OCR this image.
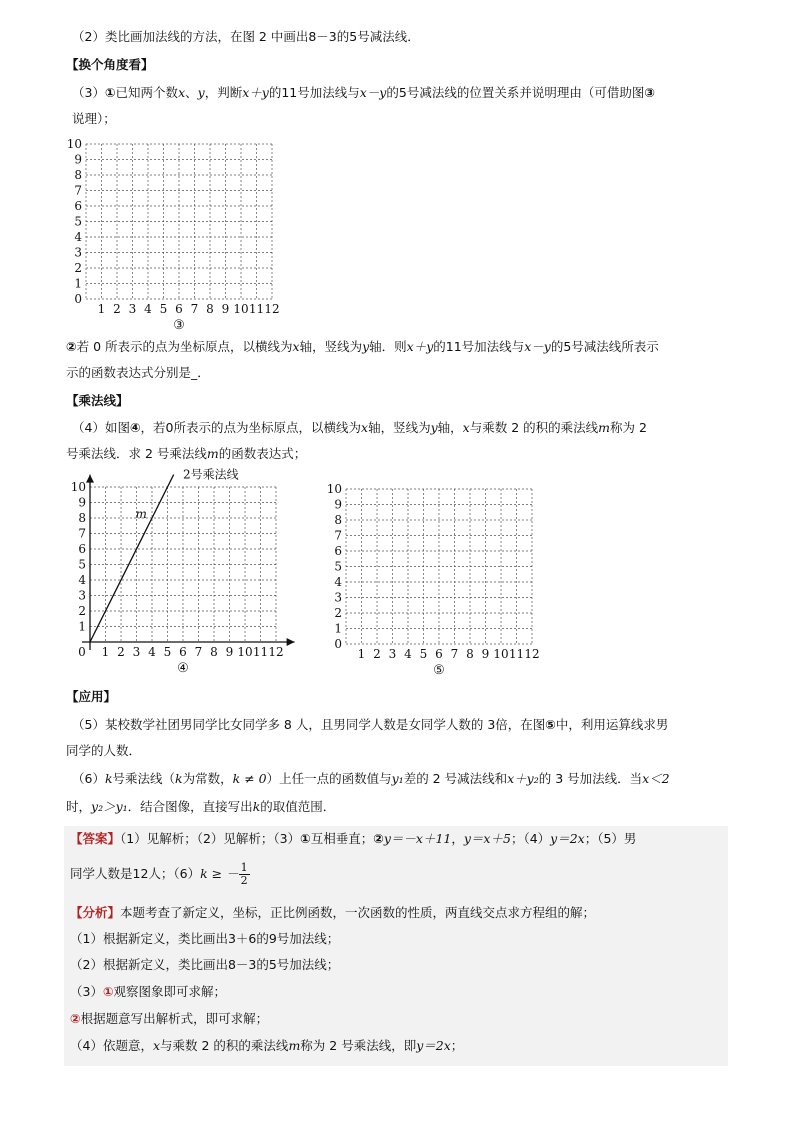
（2）类比画加法线的方法，在图 2 中画出8－3的5号减法线．
【换个角度看】
（3）①已知两个数x、y，判断x＋y的11号加法线与x－y的5号减法线的位置关系并说明理由（可借助图③
说理）；
10
9
8
7
6
5
4
3
2
1
0
1 2 3 4 5 6 7 8 9 10 11 12
③
②若 0 所表示的点为坐标原点，以横线为x轴，竖线为y轴．则x＋y的11号加法线与x－y的5号减法线所表示
示的函数表达式分别是_．
【乘法线】
（4）如图④，若0所表示的点为坐标原点，以横线为x轴，竖线为y轴，x与乘数 2 的积的乘法线m称为 2
号乘法线．求 2 号乘法线m的函数表达式；
10
9
8
7
6
5
4
3
2
1
1 2 3 4 5 6 7 8 9 10 11 12
0
m
2号乘法线
④
10
9
8
7
6
5
4
3
2
1
0
1 2 3 4 5 6 7 8 9 10 11 12
⑤
【应用】
（5）某校数学社团男同学比女同学多 8 人，且男同学人数是女同学人数的 3倍，在图⑤中，利用运算线求男
同学的人数．
（6）k号乘法线（k为常数，k ≠ 0）上任一点的函数值与y₁差的 2 号减法线和x＋y₂的 3 号加法线．当x＜2
时，y₂＞y₁．结合图像，直接写出k的取值范围．
【答案】（1）见解析；（2）见解析；（3）①互相垂直；②y＝－x＋11，y＝x＋5；（4）y＝2x；（5）男
同学人数是12人；（6）k ≥ － $\frac{1}{2}$
【分析】本题考查了新定义，坐标，正比例函数，一次函数的性质，两直线交点求方程组的解；
（1）根据新定义，类比画出3＋6的9号加法线；
（2）根据新定义，类比画出8－3的5号加法线；
（3）①观察图象即可求解；
②根据题意写出解析式，即可求解；
（4）依题意，x与乘数 2 的积的乘法线m称为 2 号乘法线，即y＝2x；
